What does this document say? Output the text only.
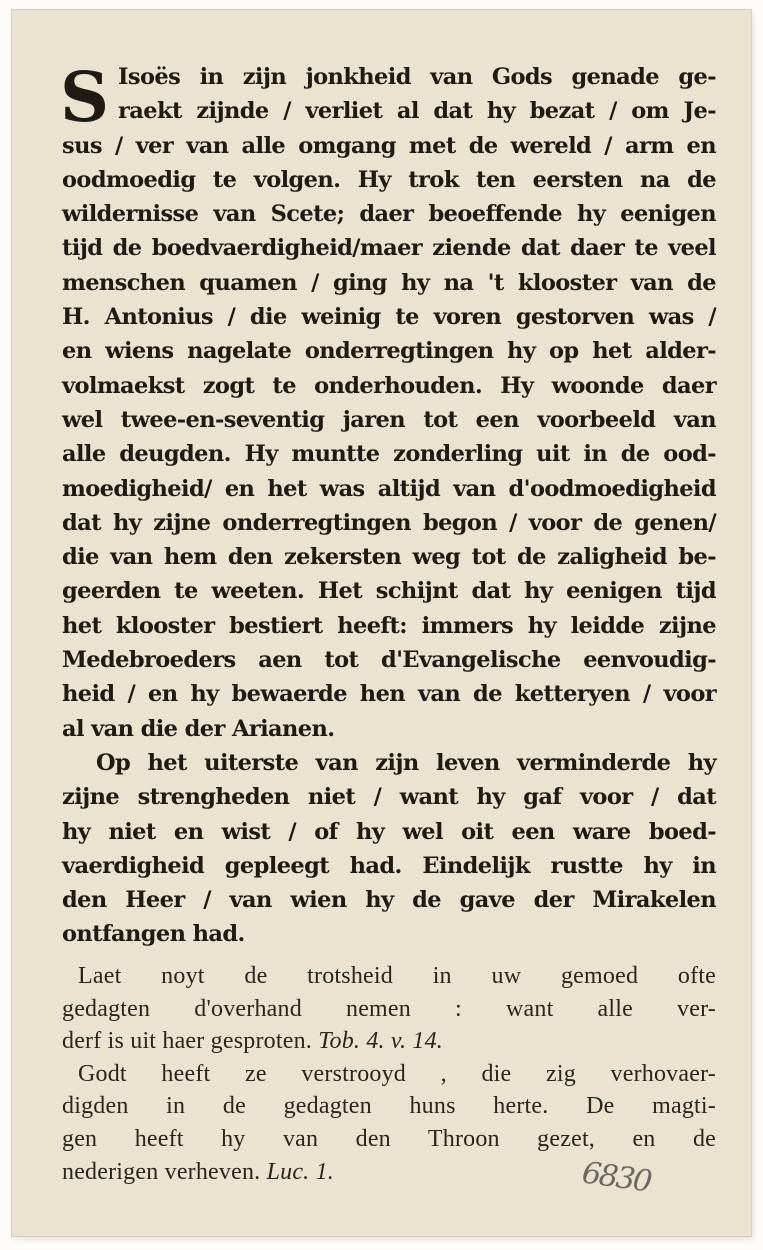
S Isoës in zijn jonkheid van Gods genade ge-
raekt zijnde / verliet al dat hy bezat / om Je-
sus / ver van alle omgang met de wereld / arm en
oodmoedig te volgen. Hy trok ten eersten na de
wildernisse van Scete; daer beoeffende hy eenigen
tijd de boedvaerdigheid/maer ziende dat daer te veel
menschen quamen / ging hy na 't klooster van de
H. Antonius / die weinig te voren gestorven was /
en wiens nagelate onderregtingen hy op het alder-
volmaekst zogt te onderhouden. Hy woonde daer
wel twee-en-seventig jaren tot een voorbeeld van
alle deugden. Hy muntte zonderling uit in de ood-
moedigheid/ en het was altijd van d'oodmoedigheid
dat hy zijne onderregtingen begon / voor de genen/
die van hem den zekersten weg tot de zaligheid be-
geerden te weeten. Het schijnt dat hy eenigen tijd
het klooster bestiert heeft: immers hy leidde zijne
Medebroeders aen tot d'Evangelische eenvoudig-
heid / en hy bewaerde hen van de ketteryen / voor
al van die der Arianen.
Op het uiterste van zijn leven verminderde hy
zijne strengheden niet / want hy gaf voor / dat
hy niet en wist / of hy wel oit een ware boed-
vaerdigheid gepleegt had. Eindelijk rustte hy in
den Heer / van wien hy de gave der Mirakelen
ontfangen had.
Laet noyt de trotsheid in uw gemoed ofte
gedagten d'overhand nemen : want alle ver-
derf is uit haer gesproten. Tob. 4. v. 14.
Godt heeft ze verstrooyd , die zig verhovaer-
digden in de gedagten huns herte. De magti-
gen heeft hy van den Throon gezet, en de
nederigen verheven. Luc. 1.	6830
